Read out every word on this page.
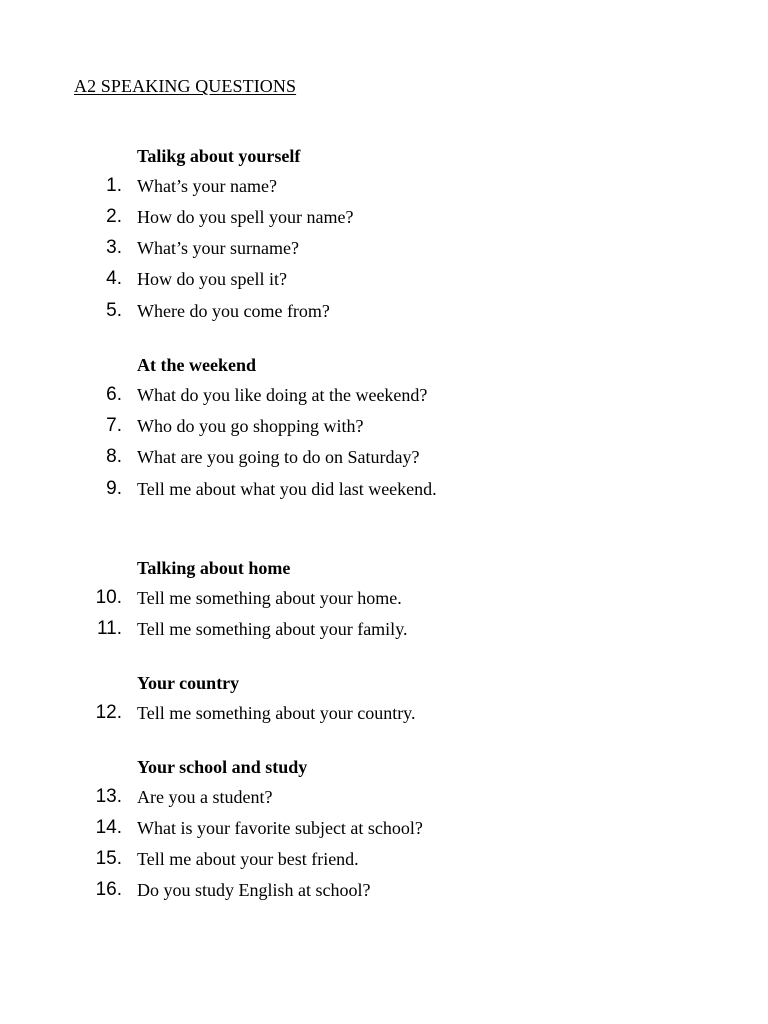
A2 SPEAKING QUESTIONS
Talikg about yourself
1. What’s your name?
2. How do you spell your name?
3. What’s your surname?
4. How do you spell it?
5. Where do you come from?
At the weekend
6. What do you like doing at the weekend?
7. Who do you go shopping with?
8. What are you going to do on Saturday?
9. Tell me about what you did last weekend.
Talking about home
10. Tell me something about your home.
11. Tell me something about your family.
Your country
12. Tell me something about your country.
Your school and study
13. Are you a student?
14. What is your favorite subject at school?
15. Tell me about your best friend.
16. Do you study English at school?
